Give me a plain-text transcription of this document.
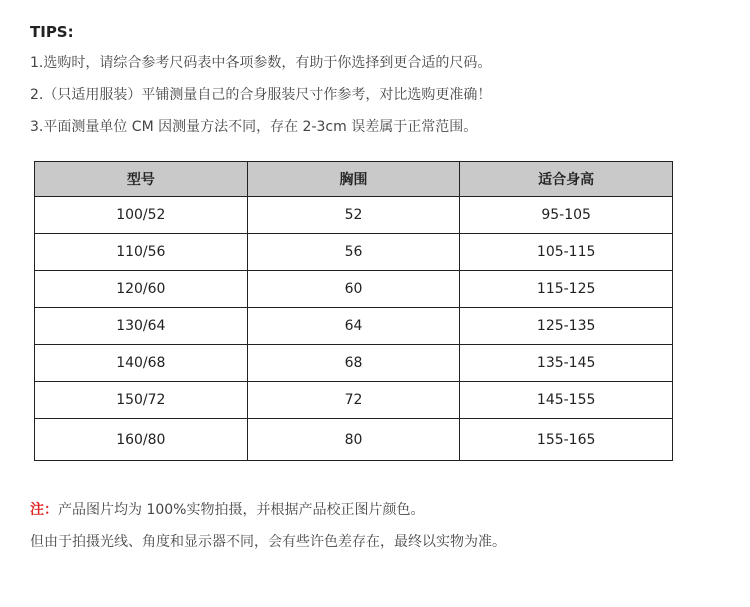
TIPS:
1.选购时，请综合参考尺码表中各项参数，有助于你选择到更合适的尺码。
2.（只适用服装）平铺测量自己的合身服装尺寸作参考，对比选购更准确！
3.平面测量单位 CM 因测量方法不同，存在 2-3cm 误差属于正常范围。
型号	胸围	适合身高
100/52	52	95-105
110/56	56	105-115
120/60	60	115-125
130/64	64	125-135
140/68	68	135-145
150/72	72	145-155
160/80	80	155-165
注：产品图片均为 100%实物拍摄，并根据产品校正图片颜色。
但由于拍摄光线、角度和显示器不同，会有些许色差存在，最终以实物为准。
